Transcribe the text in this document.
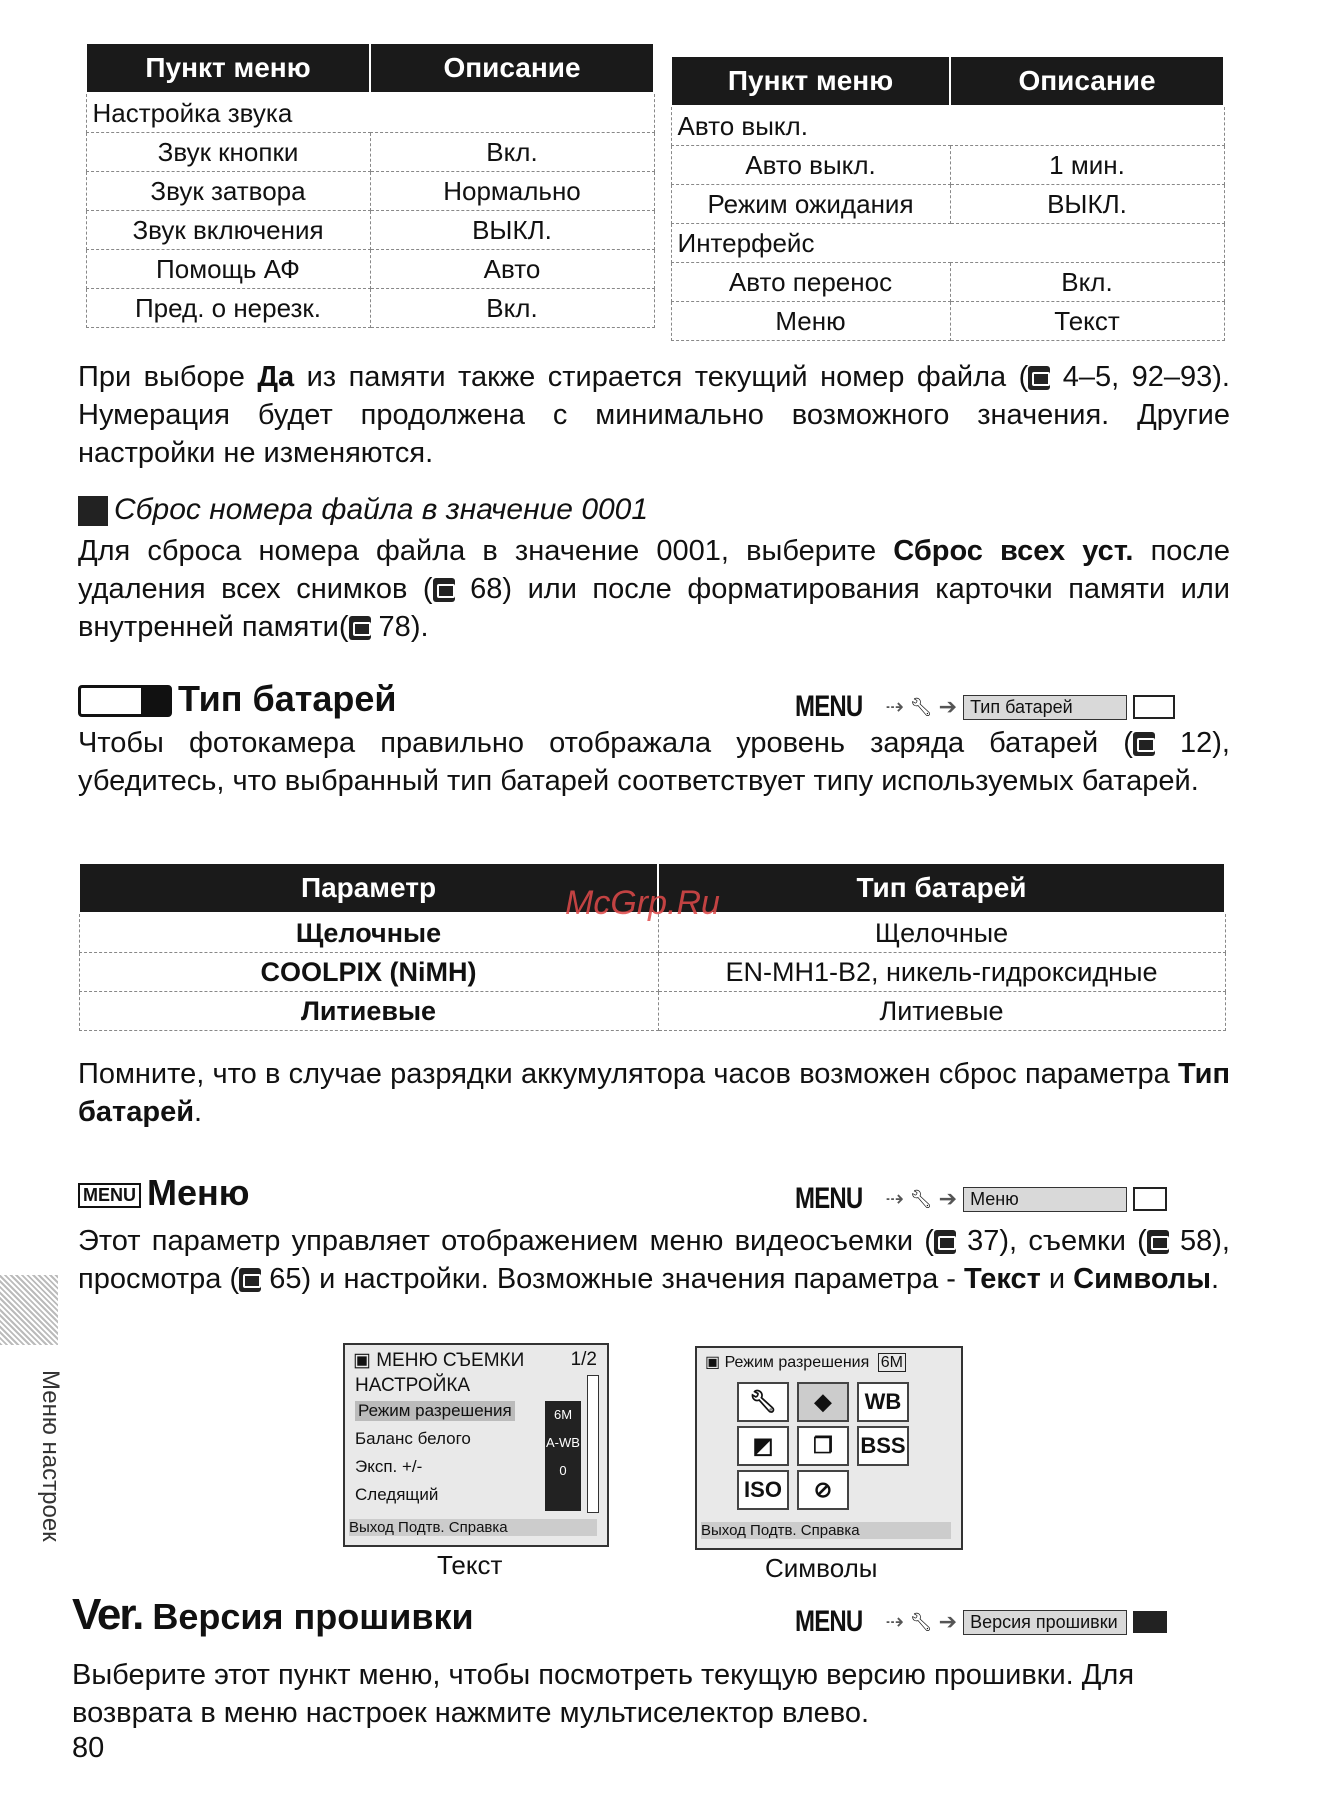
Пункт меню	Описание
Настройка звука	
Звук кнопки	Вкл.
Звук затвора	Нормально
Звук включения	ВЫКЛ.
Помощь АФ	Авто
Пред. о нерезк.	Вкл.
Пункт меню	Описание
Авто выкл.	
Авто выкл.	1 мин.
Режим ожидания	ВЫКЛ.
Интерфейс	
Авто перенос	Вкл.
Меню	Текст

При выборе Да из памяти также стирается текущий номер файла ( 4–5, 92–93). Нумерация будет продолжена с минимально возможного значения. Другие настройки не изменяются.

Сброс номера файла в значение 0001

Для сброса номера файла в значение 0001, выберите Сброс всех уст. после удаления всех снимков ( 68) или после форматирования карточки памяти или внутренней памяти( 78).

Тип батарей	MENU ⇢ 🔧︎ ➔ Тип батарей

Чтобы фотокамера правильно отображала уровень заряда батарей ( 12), убедитесь, что выбранный тип батарей соответствует типу используемых батарей.

Параметр	Тип батарей
Щелочные	Щелочные
COOLPIX (NiMH)	EN-MH1-B2, никель-гидроксидные
Литиевые	Литиевые
McGrp.Ru

Помните, что в случае разрядки аккумулятора часов возможен сброс параметра Тип батарей.

MENU Меню	MENU ⇢ 🔧︎ ➔ Меню

Этот параметр управляет отображением меню видеосъемки ( 37), съемки ( 58), просмотра ( 65) и настройки. Возможные значения параметра - Текст и Символы.

▣ МЕНЮ СЪЕМКИ 1/2
НАСТРОЙКА
Режим разрешения
Баланс белого
Эксп. +/-
Следящий
6M
A-WB
0
Выход Подтв. Справка
Текст
▣ Режим разрешения 6M
🔧︎	◆	WB
◩	❐	BSS
ISO	⊘
Выход Подтв. Справка
Символы
Ver. Версия прошивки	MENU ⇢ 🔧︎ ➔ Версия прошивки

Выберите этот пункт меню, чтобы посмотреть текущую версию прошивки. Для возврата в меню настроек нажмите мультиселектор влево.

80
Меню настроек
